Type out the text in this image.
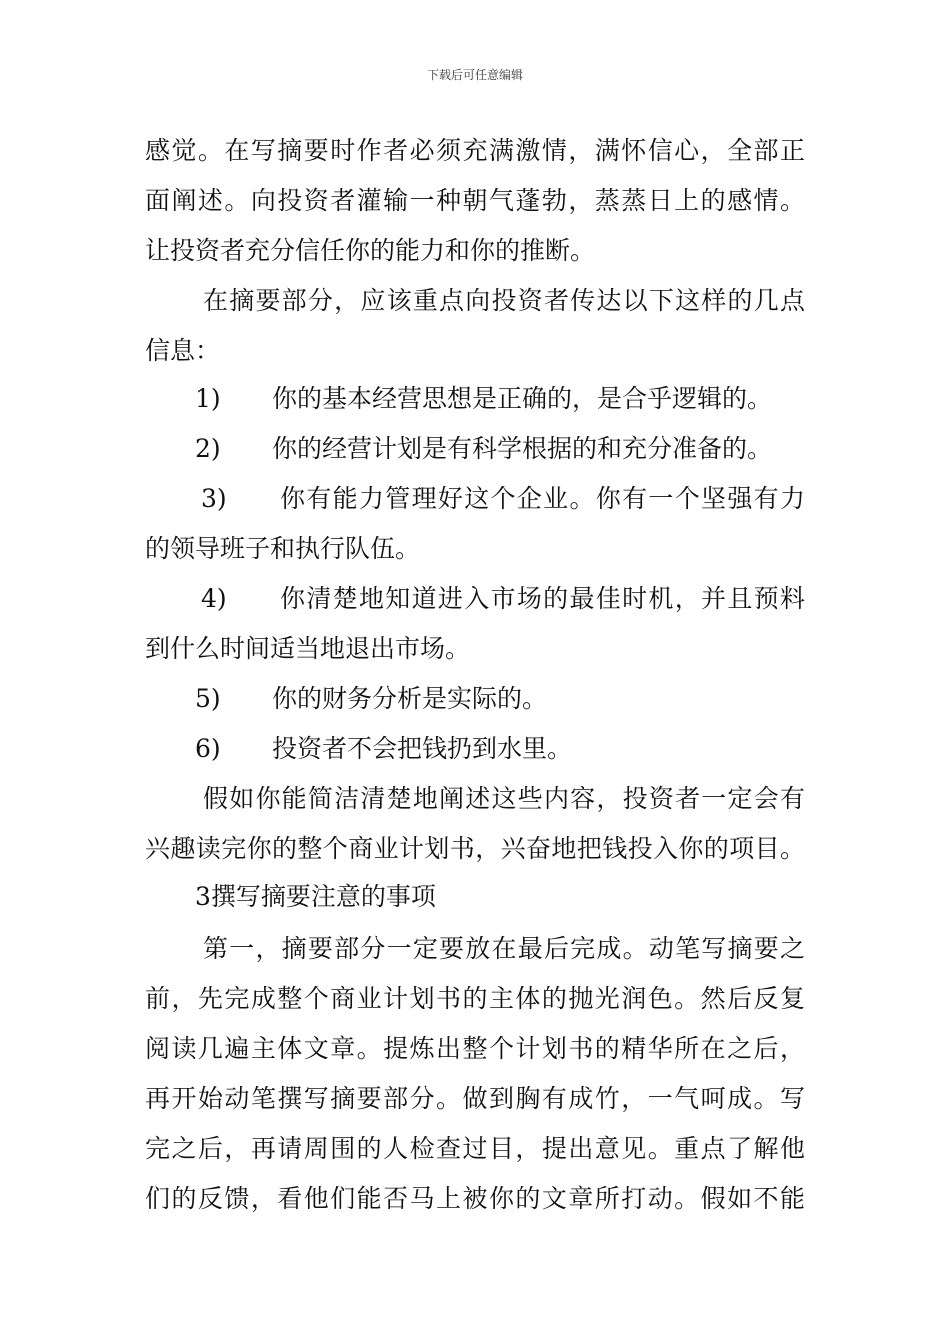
下载后可任意编辑
感觉。在写摘要时作者必须充满激情，满怀信心，全部正
面阐述。向投资者灌输一种朝气蓬勃，蒸蒸日上的感情。
让投资者充分信任你的能力和你的推断。
在摘要部分，应该重点向投资者传达以下这样的几点
信息：
1) 你的基本经营思想是正确的，是合乎逻辑的。
2) 你的经营计划是有科学根据的和充分准备的。
3) 你有能力管理好这个企业。你有一个坚强有力
的领导班子和执行队伍。
4) 你清楚地知道进入市场的最佳时机，并且预料
到什么时间适当地退出市场。
5) 你的财务分析是实际的。
6) 投资者不会把钱扔到水里。
假如你能简洁清楚地阐述这些内容，投资者一定会有
兴趣读完你的整个商业计划书，兴奋地把钱投入你的项目。
3撰写摘要注意的事项
第一，摘要部分一定要放在最后完成。动笔写摘要之
前，先完成整个商业计划书的主体的抛光润色。然后反复
阅读几遍主体文章。提炼出整个计划书的精华所在之后，
再开始动笔撰写摘要部分。做到胸有成竹，一气呵成。写
完之后，再请周围的人检查过目，提出意见。重点了解他
们的反馈，看他们能否马上被你的文章所打动。假如不能
